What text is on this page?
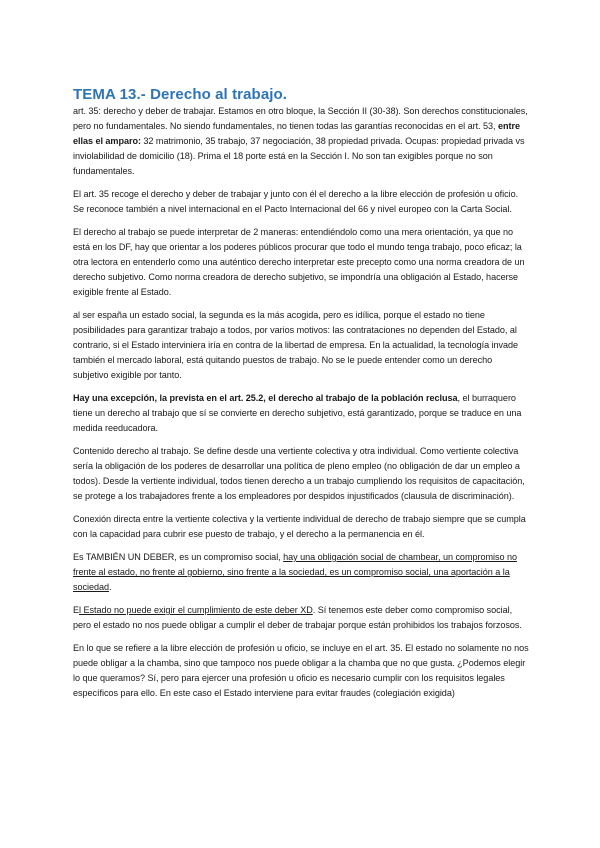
TEMA 13.- Derecho al trabajo.

art. 35: derecho y deber de trabajar. Estamos en otro bloque, la Sección II (30-38). Son derechos constitucionales, pero no fundamentales. No siendo fundamentales, no tienen todas las garantías reconocidas en el art. 53, entre ellas el amparo: 32 matrimonio, 35 trabajo, 37 negociación, 38 propiedad privada. Ocupas: propiedad privada vs inviolabilidad de domicilio (18). Prima el 18 porte está en la Sección I. No son tan exigibles porque no son fundamentales.

El art. 35 recoge el derecho y deber de trabajar y junto con él el derecho a la libre elección de profesión u oficio. Se reconoce también a nivel internacional en el Pacto Internacional del 66 y nivel europeo con la Carta Social.

El derecho al trabajo se puede interpretar de 2 maneras: entendiéndolo como una mera orientación, ya que no está en los DF, hay que orientar a los poderes públicos procurar que todo el mundo tenga trabajo, poco eficaz; la otra lectora en entenderlo como una auténtico derecho interpretar este precepto como una norma creadora de un derecho subjetivo. Como norma creadora de derecho subjetivo, se impondría una obligación al Estado, hacerse exigible frente al Estado.

al ser españa un estado social, la segunda es la más acogida, pero es idílica, porque el estado no tiene posibilidades para garantizar trabajo a todos, por varios motivos: las contrataciones no dependen del Estado, al contrario, si el Estado interviniera iría en contra de la libertad de empresa. En la actualidad, la tecnología invade también el mercado laboral, está quitando puestos de trabajo. No se le puede entender como un derecho subjetivo exigible por tanto.

Hay una excepción, la prevista en el art. 25.2, el derecho al trabajo de la población reclusa, el burraquero tiene un derecho al trabajo que sí se convierte en derecho subjetivo, está garantizado, porque se traduce en una medida reeducadora.

Contenido derecho al trabajo. Se define desde una vertiente colectiva y otra individual. Como vertiente colectiva sería la obligación de los poderes de desarrollar una política de pleno empleo (no obligación de dar un empleo a todos). Desde la vertiente individual, todos tienen derecho a un trabajo cumpliendo los requisitos de capacitación, se protege a los trabajadores frente a los empleadores por despidos injustificados (clausula de discriminación).

Conexión directa entre la vertiente colectiva y la vertiente individual de derecho de trabajo siempre que se cumpla con la capacidad para cubrir ese puesto de trabajo, y el derecho a la permanencia en él.

Es TAMBIÉN UN DEBER, es un compromiso social, hay una obligación social de chambear, un compromiso no frente al estado, no frente al gobierno, sino frente a la sociedad, es un compromiso social, una aportación a la sociedad.

El Estado no puede exigir el cumplimiento de este deber XD. Sí tenemos este deber como compromiso social, pero el estado no nos puede obligar a cumplir el deber de trabajar porque están prohibidos los trabajos forzosos.

En lo que se refiere a la libre elección de profesión u oficio, se incluye en el art. 35. El estado no solamente no nos puede obligar a la chamba, sino que tampoco nos puede obligar a la chamba que no que gusta. ¿Podemos elegir lo que queramos? Sí, pero para ejercer una profesión u oficio es necesario cumplir con los requisitos legales específicos para ello. En este caso el Estado interviene para evitar fraudes (colegiación exigida)
